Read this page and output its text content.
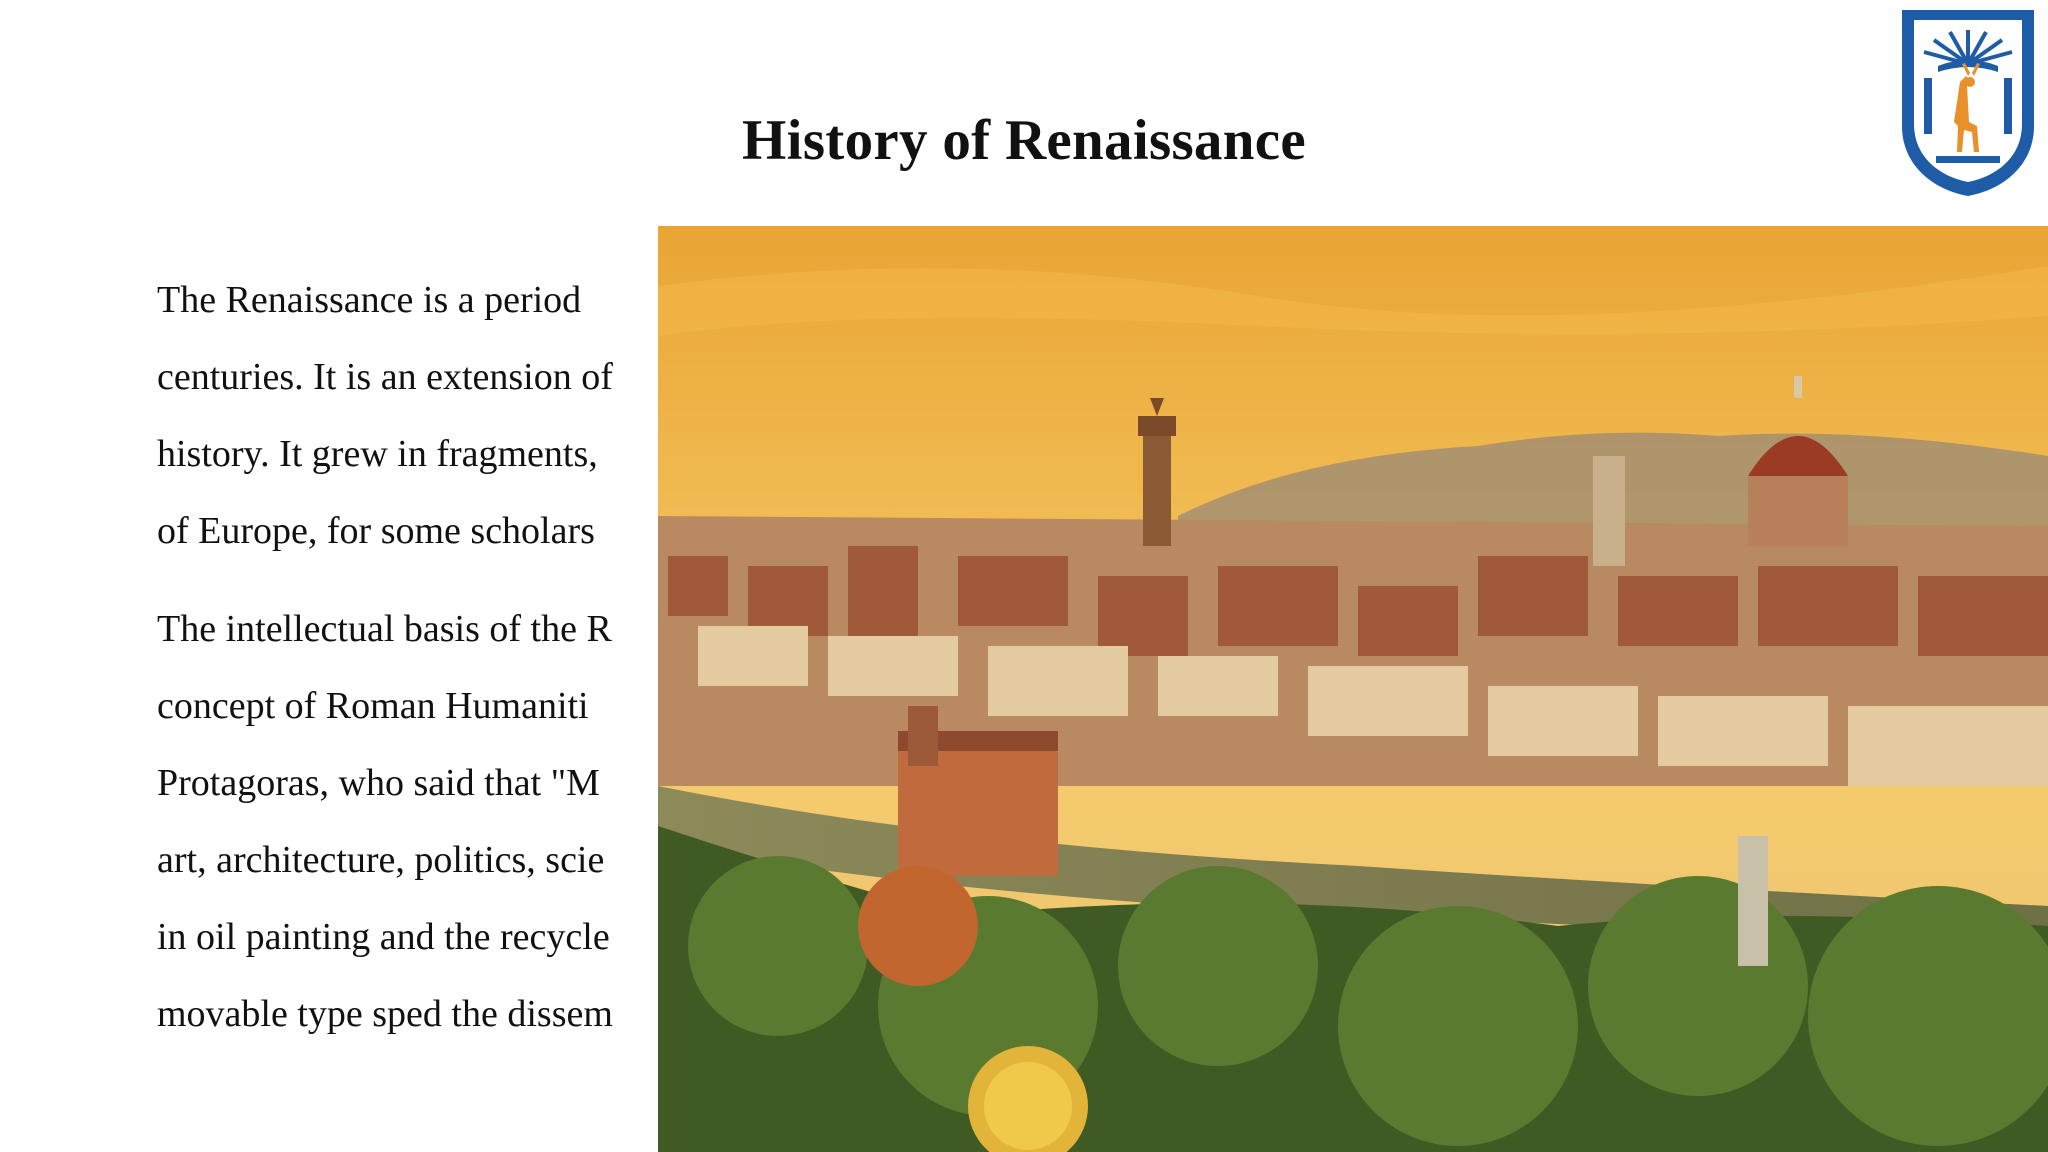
History of Renaissance

The Renaissance is a period
centuries. It is an extension of
history. It grew in fragments,
of Europe, for some scholars

The intellectual basis of the R
concept of Roman Humaniti
Protagoras, who said that "M
art, architecture, politics, scie
in oil painting and the recycle
movable type sped the dissem
